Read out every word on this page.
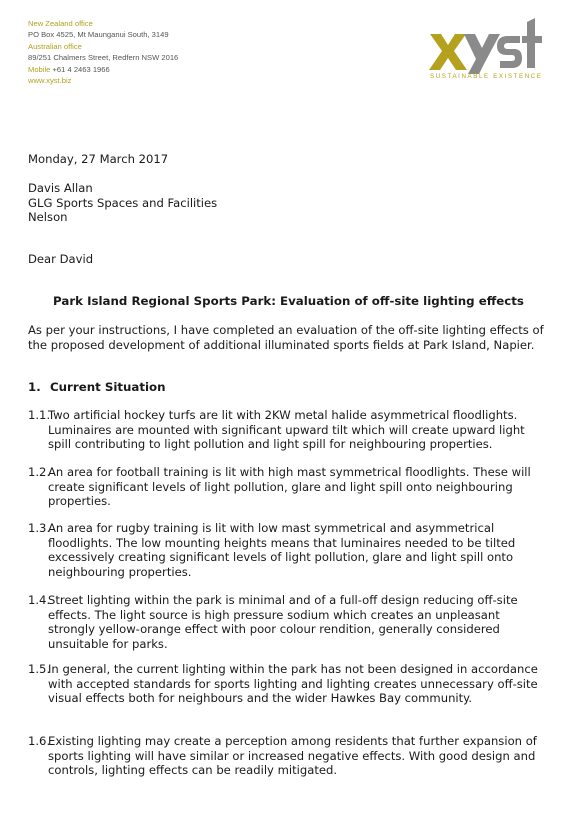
New Zealand office
PO Box 4525, Mt Maunganui South, 3149
Australian office
89/251 Chalmers Street, Redfern NSW 2016
Mobile +61 4 2463 1966
www.xyst.biz	SUSTAINABLE EXISTENCE
Monday, 27 March 2017
Davis Allan
GLG Sports Spaces and Facilities
Nelson
Dear David
Park Island Regional Sports Park: Evaluation of off-site lighting effects
As per your instructions, I have completed an evaluation of the off-site lighting effects of the proposed development of additional illuminated sports fields at Park Island, Napier.
1. Current Situation
1.1.
Two artificial hockey turfs are lit with 2KW metal halide asymmetrical floodlights. Luminaires are mounted with significant upward tilt which will create upward light spill contributing to light pollution and light spill for neighbouring properties.
1.2.
An area for football training is lit with high mast symmetrical floodlights. These will create significant levels of light pollution, glare and light spill onto neighbouring properties.
1.3.
An area for rugby training is lit with low mast symmetrical and asymmetrical floodlights. The low mounting heights means that luminaires needed to be tilted excessively creating significant levels of light pollution, glare and light spill onto neighbouring properties.
1.4.
Street lighting within the park is minimal and of a full-off design reducing off-site effects. The light source is high pressure sodium which creates an unpleasant strongly yellow-orange effect with poor colour rendition, generally considered unsuitable for parks.
1.5.
In general, the current lighting within the park has not been designed in accordance with accepted standards for sports lighting and lighting creates unnecessary off-site visual effects both for neighbours and the wider Hawkes Bay community.
1.6.
Existing lighting may create a perception among residents that further expansion of sports lighting will have similar or increased negative effects. With good design and controls, lighting effects can be readily mitigated.
